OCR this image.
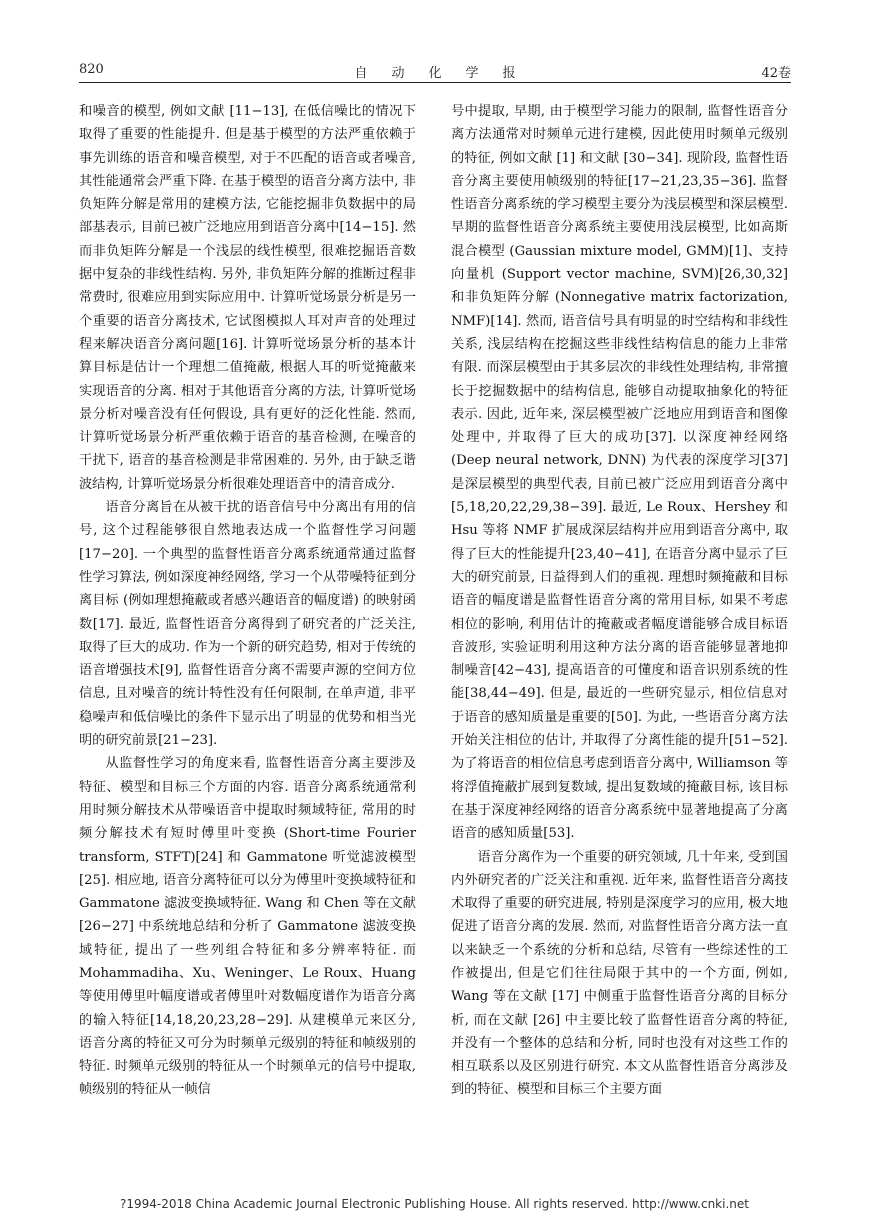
820	自动化学报	42卷

和噪音的模型, 例如文献 [11−13], 在低信噪比的情况下取得了重要的性能提升. 但是基于模型的方法严重依赖于事先训练的语音和噪音模型, 对于不匹配的语音或者噪音, 其性能通常会严重下降. 在基于模型的语音分离方法中, 非负矩阵分解是常用的建模方法, 它能挖掘非负数据中的局部基表示, 目前已被广泛地应用到语音分离中[14−15]. 然而非负矩阵分解是一个浅层的线性模型, 很难挖掘语音数据中复杂的非线性结构. 另外, 非负矩阵分解的推断过程非常费时, 很难应用到实际应用中. 计算听觉场景分析是另一个重要的语音分离技术, 它试图模拟人耳对声音的处理过程来解决语音分离问题[16]. 计算听觉场景分析的基本计算目标是估计一个理想二值掩蔽, 根据人耳的听觉掩蔽来实现语音的分离. 相对于其他语音分离的方法, 计算听觉场景分析对噪音没有任何假设, 具有更好的泛化性能. 然而, 计算听觉场景分析严重依赖于语音的基音检测, 在噪音的干扰下, 语音的基音检测是非常困难的. 另外, 由于缺乏谐波结构, 计算听觉场景分析很难处理语音中的清音成分.

语音分离旨在从被干扰的语音信号中分离出有用的信号, 这个过程能够很自然地表达成一个监督性学习问题[17−20]. 一个典型的监督性语音分离系统通常通过监督性学习算法, 例如深度神经网络, 学习一个从带噪特征到分离目标 (例如理想掩蔽或者感兴趣语音的幅度谱) 的映射函数[17]. 最近, 监督性语音分离得到了研究者的广泛关注, 取得了巨大的成功. 作为一个新的研究趋势, 相对于传统的语音增强技术[9], 监督性语音分离不需要声源的空间方位信息, 且对噪音的统计特性没有任何限制, 在单声道, 非平稳噪声和低信噪比的条件下显示出了明显的优势和相当光明的研究前景[21−23].

从监督性学习的角度来看, 监督性语音分离主要涉及特征、模型和目标三个方面的内容. 语音分离系统通常利用时频分解技术从带噪语音中提取时频域特征, 常用的时频分解技术有短时傅里叶变换 (Short-time Fourier transform, STFT)[24] 和 Gammatone 听觉滤波模型[25]. 相应地, 语音分离特征可以分为傅里叶变换域特征和 Gammatone 滤波变换域特征. Wang 和 Chen 等在文献 [26−27] 中系统地总结和分析了 Gammatone 滤波变换域特征, 提出了一些列组合特征和多分辨率特征. 而 Mohammadiha、Xu、Weninger、Le Roux、Huang 等使用傅里叶幅度谱或者傅里叶对数幅度谱作为语音分离的输入特征[14,18,20,23,28−29]. 从建模单元来区分, 语音分离的特征又可分为时频单元级别的特征和帧级别的特征. 时频单元级别的特征从一个时频单元的信号中提取, 帧级别的特征从一帧信

号中提取, 早期, 由于模型学习能力的限制, 监督性语音分离方法通常对时频单元进行建模, 因此使用时频单元级别的特征, 例如文献 [1] 和文献 [30−34]. 现阶段, 监督性语音分离主要使用帧级别的特征[17−21,23,35−36]. 监督性语音分离系统的学习模型主要分为浅层模型和深层模型. 早期的监督性语音分离系统主要使用浅层模型, 比如高斯混合模型 (Gaussian mixture model, GMM)[1]、支持向量机 (Support vector machine, SVM)[26,30,32] 和非负矩阵分解 (Nonnegative matrix factorization, NMF)[14]. 然而, 语音信号具有明显的时空结构和非线性关系, 浅层结构在挖掘这些非线性结构信息的能力上非常有限. 而深层模型由于其多层次的非线性处理结构, 非常擅长于挖掘数据中的结构信息, 能够自动提取抽象化的特征表示. 因此, 近年来, 深层模型被广泛地应用到语音和图像处理中, 并取得了巨大的成功[37]. 以深度神经网络 (Deep neural network, DNN) 为代表的深度学习[37] 是深层模型的典型代表, 目前已被广泛应用到语音分离中[5,18,20,22,29,38−39]. 最近, Le Roux、Hershey 和 Hsu 等将 NMF 扩展成深层结构并应用到语音分离中, 取得了巨大的性能提升[23,40−41], 在语音分离中显示了巨大的研究前景, 日益得到人们的重视. 理想时频掩蔽和目标语音的幅度谱是监督性语音分离的常用目标, 如果不考虑相位的影响, 利用估计的掩蔽或者幅度谱能够合成目标语音波形, 实验证明利用这种方法分离的语音能够显著地抑制噪音[42−43], 提高语音的可懂度和语音识别系统的性能[38,44−49]. 但是, 最近的一些研究显示, 相位信息对于语音的感知质量是重要的[50]. 为此, 一些语音分离方法开始关注相位的估计, 并取得了分离性能的提升[51−52]. 为了将语音的相位信息考虑到语音分离中, Williamson 等将浮值掩蔽扩展到复数域, 提出复数域的掩蔽目标, 该目标在基于深度神经网络的语音分离系统中显著地提高了分离语音的感知质量[53].

语音分离作为一个重要的研究领域, 几十年来, 受到国内外研究者的广泛关注和重视. 近年来, 监督性语音分离技术取得了重要的研究进展, 特别是深度学习的应用, 极大地促进了语音分离的发展. 然而, 对监督性语音分离方法一直以来缺乏一个系统的分析和总结, 尽管有一些综述性的工作被提出, 但是它们往往局限于其中的一个方面, 例如, Wang 等在文献 [17] 中侧重于监督性语音分离的目标分析, 而在文献 [26] 中主要比较了监督性语音分离的特征, 并没有一个整体的总结和分析, 同时也没有对这些工作的相互联系以及区别进行研究. 本文从监督性语音分离涉及到的特征、模型和目标三个主要方面

?1994-2018 China Academic Journal Electronic Publishing House. All rights reserved. http://www.cnki.net
